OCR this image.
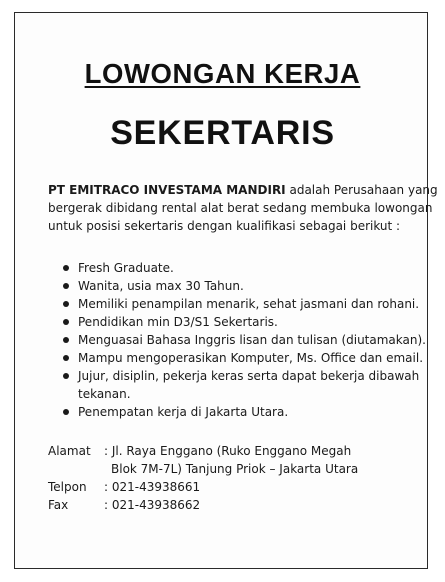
LOWONGAN KERJA
SEKERTARIS

PT EMITRACO INVESTAMA MANDIRI adalah Perusahaan yang

bergerak dibidang rental alat berat sedang membuka lowongan

untuk posisi sekertaris dengan kualifikasi sebagai berikut :

Fresh Graduate.
Wanita, usia max 30 Tahun.
Memiliki penampilan menarik, sehat jasmani dan rohani.
Pendidikan min D3/S1 Sekertaris.
Menguasai Bahasa Inggris lisan dan tulisan (diutamakan).
Mampu mengoperasikan Komputer, Ms. Office dan email.
Jujur, disiplin, pekerja keras serta dapat bekerja dibawah
tekanan.
Penempatan kerja di Jakarta Utara.
Alamat	: Jl. Raya Enggano (Ruko Enggano Megah
Blok 7M-7L) Tanjung Priok – Jakarta Utara
Telpon	: 021-43938661
Fax	: 021-43938662
